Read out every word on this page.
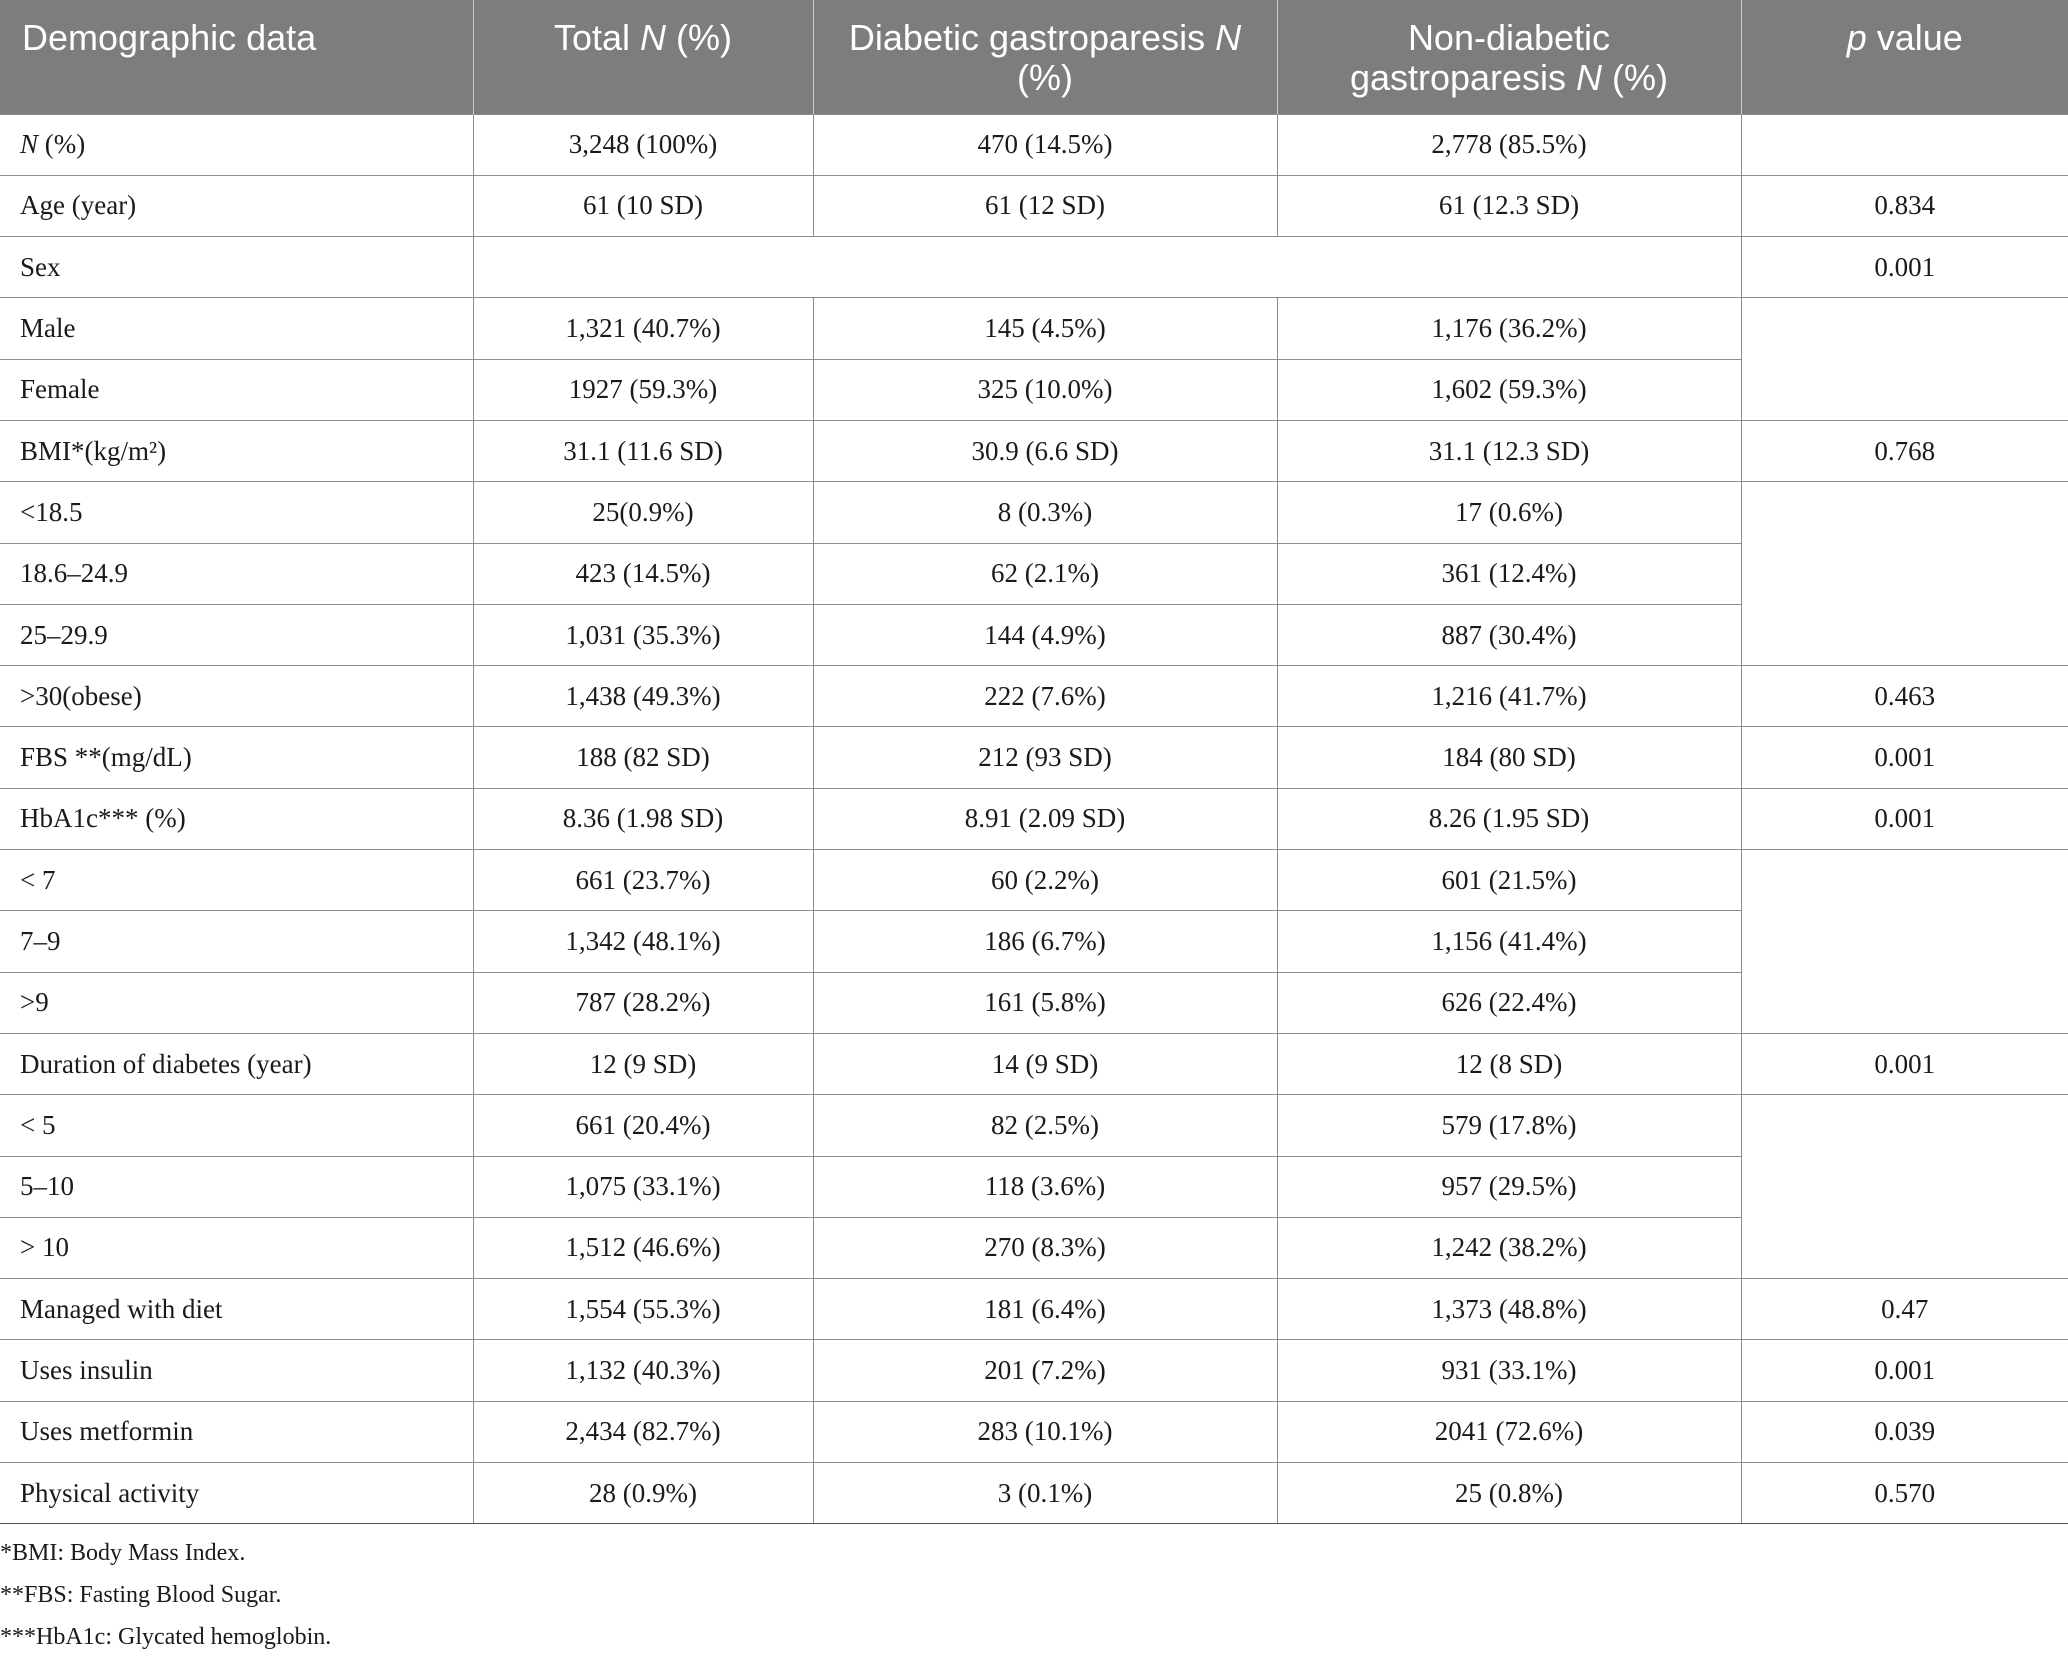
Demographic data	Total N (%)	Diabetic gastroparesis N (%)	Non-diabetic gastroparesis N (%)	p value
N (%)	3,248 (100%)	470 (14.5%)	2,778 (85.5%)	
Age (year)	61 (10 SD)	61 (12 SD)	61 (12.3 SD)	0.834
Sex				0.001
Male	1,321 (40.7%)	145 (4.5%)	1,176 (36.2%)	
Female	1927 (59.3%)	325 (10.0%)	1,602 (59.3%)	
BMI*(kg/m²)	31.1 (11.6 SD)	30.9 (6.6 SD)	31.1 (12.3 SD)	0.768
<18.5	25(0.9%)	8 (0.3%)	17 (0.6%)	
18.6–24.9	423 (14.5%)	62 (2.1%)	361 (12.4%)	
25–29.9	1,031 (35.3%)	144 (4.9%)	887 (30.4%)	
>30(obese)	1,438 (49.3%)	222 (7.6%)	1,216 (41.7%)	0.463
FBS **(mg/dL)	188 (82 SD)	212 (93 SD)	184 (80 SD)	0.001
HbA1c*** (%)	8.36 (1.98 SD)	8.91 (2.09 SD)	8.26 (1.95 SD)	0.001
< 7	661 (23.7%)	60 (2.2%)	601 (21.5%)	
7–9	1,342 (48.1%)	186 (6.7%)	1,156 (41.4%)	
>9	787 (28.2%)	161 (5.8%)	626 (22.4%)	
Duration of diabetes (year)	12 (9 SD)	14 (9 SD)	12 (8 SD)	0.001
< 5	661 (20.4%)	82 (2.5%)	579 (17.8%)	
5–10	1,075 (33.1%)	118 (3.6%)	957 (29.5%)	
> 10	1,512 (46.6%)	270 (8.3%)	1,242 (38.2%)	
Managed with diet	1,554 (55.3%)	181 (6.4%)	1,373 (48.8%)	0.47
Uses insulin	1,132 (40.3%)	201 (7.2%)	931 (33.1%)	0.001
Uses metformin	2,434 (82.7%)	283 (10.1%)	2041 (72.6%)	0.039
Physical activity	28 (0.9%)	3 (0.1%)	25 (0.8%)	0.570
*BMI: Body Mass Index.
**FBS: Fasting Blood Sugar.
***HbA1c: Glycated hemoglobin.
